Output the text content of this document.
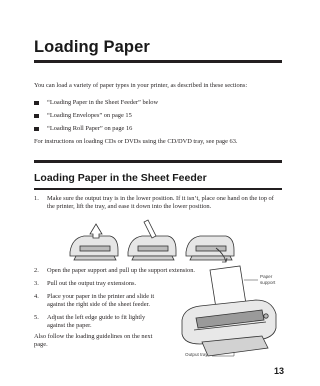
Loading Paper
You can load a variety of paper types in your printer, as described in these sections:
“Loading Paper in the Sheet Feeder” below
“Loading Envelopes” on page 15
“Loading Roll Paper” on page 16
For instructions on loading CDs or DVDs using the CD/DVD tray, see page 63.
Loading Paper in the Sheet Feeder
1. Make sure the output tray is in the lower position. If it isn’t, place one hand on the top of the printer, lift the tray, and ease it down into the lower position.
2. Open the paper support and pull up the support extension.
3. Pull out the output tray extensions.
4. Place your paper in the printer and slide it against the right side of the sheet feeder.
5. Adjust the left edge guide to fit lightly against the paper.
Also follow the loading guidelines on the next page.
Paper support
Output tray
13
